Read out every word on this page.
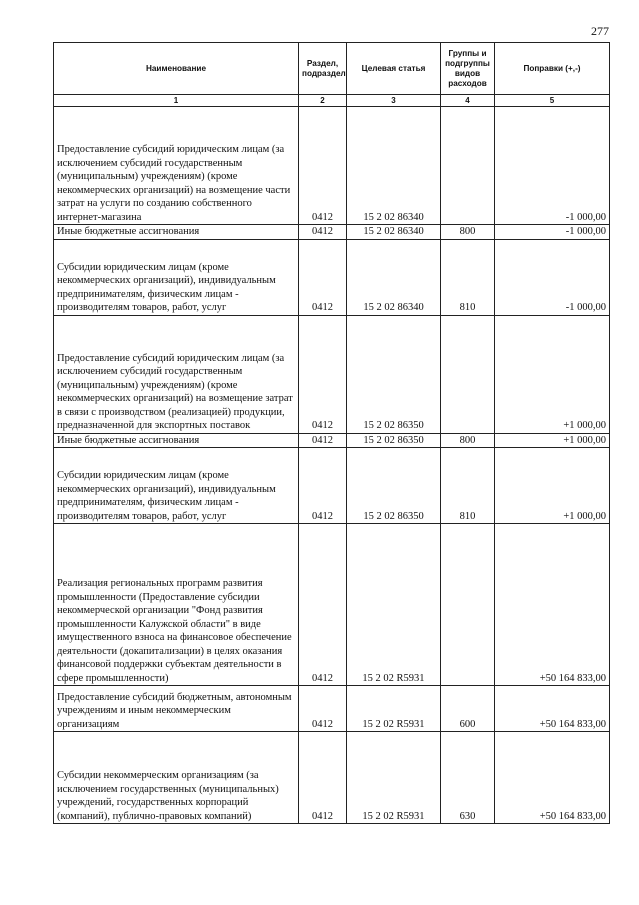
277
Наименование	Раздел, подраздел	Целевая статья	Группы и подгруппы видов расходов	Поправки (+,-)
1	2	3	4	5
Предоставление субсидий юридическим лицам (за исключением субсидий государственным (муниципальным) учреждениям) (кроме некоммерческих организаций) на возмещение части затрат на услуги по созданию собственного интернет-магазина	0412	15 2 02 86340		-1 000,00
Иные бюджетные ассигнования	0412	15 2 02 86340	800	-1 000,00
Субсидии юридическим лицам (кроме некоммерческих организаций), индивидуальным предпринимателям, физическим лицам - производителям товаров, работ, услуг	0412	15 2 02 86340	810	-1 000,00
Предоставление субсидий юридическим лицам (за исключением субсидий государственным (муниципальным) учреждениям) (кроме некоммерческих организаций) на возмещение затрат в связи с производством (реализацией) продукции, предназначенной для экспортных поставок	0412	15 2 02 86350		+1 000,00
Иные бюджетные ассигнования	0412	15 2 02 86350	800	+1 000,00
Субсидии юридическим лицам (кроме некоммерческих организаций), индивидуальным предпринимателям, физическим лицам - производителям товаров, работ, услуг	0412	15 2 02 86350	810	+1 000,00
Реализация региональных программ развития промышленности (Предоставление субсидии некоммерческой организации "Фонд развития промышленности Калужской области" в виде имущественного взноса на финансовое обеспечение деятельности (докапитализации) в целях оказания финансовой поддержки субъектам деятельности в сфере промышленности)	0412	15 2 02 R5931		+50 164 833,00
Предоставление субсидий бюджетным, автономным учреждениям и иным некоммерческим организациям	0412	15 2 02 R5931	600	+50 164 833,00
Субсидии некоммерческим организациям (за исключением государственных (муниципальных) учреждений, государственных корпораций (компаний), публично-правовых компаний)	0412	15 2 02 R5931	630	+50 164 833,00
